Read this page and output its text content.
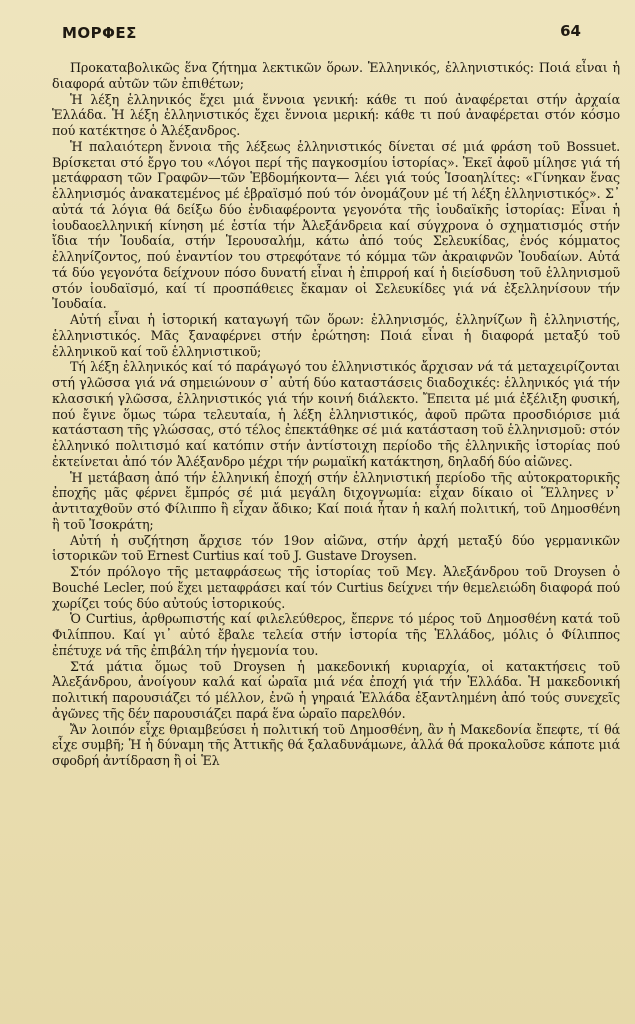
ΜΟΡΦΕΣ	64

Προκαταβολικῶς ἕνα ζήτημα λεκτικῶν ὅρων. Ἑλληνικός, ἑλληνιστικός: Ποιά εἶναι ἡ διαφορά αὐτῶν τῶν ἐπιθέτων;

Ἡ λέξη ἑλληνικός ἔχει μιά ἔννοια γενική: κάθε τι πού ἀναφέρεται στήν ἀρχαία Ἑλλάδα. Ἡ λέξη ἑλληνιστικός ἔχει ἔννοια μερική: κάθε τι πού ἀναφέρεται στόν κόσμο πού κατέκτησε ὁ Ἀλέξανδρος.

Ἡ παλαιότερη ἔννοια τῆς λέξεως ἑλληνιστικός δίνεται σέ μιά φράση τοῦ Bossuet. Βρίσκεται στό ἔργο του «Λόγοι περί τῆς παγκοσμίου ἱστορίας». Ἐκεῖ ἀφοῦ μίλησε γιά τή μετάφραση τῶν Γραφῶν—τῶν Ἑβδομήκοντα— λέει γιά τούς Ἰσοαηλίτες: «Γίνηκαν ἕνας ἑλληνισμός ἀνακατεμένος μέ ἑβραϊσμό πού τόν ὀνομάζουν μέ τή λέξη ἑλληνιστικός». Σ᾽ αὐτά τά λόγια θά δείξω δύο ἐνδιαφέροντα γεγονότα τῆς ἰουδαϊκῆς ἱστορίας: Εἶναι ἡ ἰουδαοελληνική κίνηση μέ ἑστία τήν Ἀλεξάνδρεια καί σύγχρονα ὁ σχηματισμός στήν ἴδια τήν Ἰουδαία, στήν Ἱερουσαλήμ, κάτω ἀπό τούς Σελευκίδας, ἑνός κόμματος ἐλληνίζοντος, πού ἐναντίον του στρεφότανε τό κόμμα τῶν ἀκραιφνῶν Ἰουδαίων. Αὐτά τά δύο γεγονότα δείχνουν πόσο δυνατή εἶναι ἡ ἐπιρροή καί ἡ διείσδυση τοῦ ἑλληνισμοῦ στόν ἰουδαϊσμό, καί τί προσπάθειες ἔκαμαν οἱ Σελευκίδες γιά νά ἐξελληνίσουν τήν Ἰουδαία.

Αὐτή εἶναι ἡ ἱστορική καταγωγή τῶν ὅρων: ἑλληνισμός, ἑλληνίζων ἢ ἑλληνιστής, ἑλληνιστικός. Μᾶς ξαναφέρνει στήν ἐρώτηση: Ποιά εἶναι ἡ διαφορά μεταξύ τοῦ ἑλληνικοῦ καί τοῦ ἑλληνιστικοῦ;

Τή λέξη ἑλληνικός καί τό παράγωγό του ἑλληνιστικός ἄρχισαν νά τά μεταχειρίζονται στή γλῶσσα γιά νά σημειώνουν σ᾽ αὐτή δύο καταστάσεις διαδοχικές: ἑλληνικός γιά τήν κλασσική γλῶσσα, ἑλληνιστικός γιά τήν κοινή διάλεκτο. Ἔπειτα μέ μιά ἐξέλιξη φυσική, πού ἔγινε ὅμως τώρα τελευταία, ἡ λέξη ἑλληνιστικός, ἀφοῦ πρῶτα προσδιόρισε μιά κατάσταση τῆς γλώσσας, στό τέλος ἐπεκτάθηκε σέ μιά κατάσταση τοῦ ἑλληνισμοῦ: στόν ἑλληνικό πολιτισμό καί κατόπιν στήν ἀντίστοιχη περίοδο τῆς ἑλληνικῆς ἱστορίας πού ἐκτείνεται ἀπό τόν Ἀλέξανδρο μέχρι τήν ρωμαϊκή κατάκτηση, δηλαδή δύο αἰῶνες.

Ἡ μετάβαση ἀπό τήν ἑλληνική ἐποχή στήν ἑλληνιστική περίοδο τῆς αὐτοκρατορικῆς ἐποχῆς μᾶς φέρνει ἔμπρός σέ μιά μεγάλη διχογνωμία: εἶχαν δίκαιο οἱ Ἕλληνες ν᾽ ἀντιταχθοῦν στό Φίλιππο ἢ εἶχαν ἄδικο; Καί ποιά ἦταν ἡ καλή πολιτική, τοῦ Δημοσθένη ἢ τοῦ Ἰσοκράτη;

Αὐτή ἡ συζήτηση ἄρχισε τόν 19ον αἰῶνα, στήν ἀρχή μεταξύ δύο γερμανικῶν ἱστορικῶν τοῦ Ernest Curtius καί τοῦ J. Gustave Droysen.

Στόν πρόλογο τῆς μεταφράσεως τῆς ἱστορίας τοῦ Μεγ. Ἀλεξάνδρου τοῦ Droysen ὁ Bouché Lecler, πού ἔχει μεταφράσει καί τόν Curtius δείχνει τήν θεμελειώδη διαφορά πού χωρίζει τούς δύο αὐτούς ἱστορικούς.

Ὁ Curtius, ἀρθρωπιστής καί φιλελεύθερος, ἔπερνε τό μέρος τοῦ Δημοσθένη κατά τοῦ Φιλίππου. Καί γι᾽ αὐτό ἔβαλε τελεία στήν ἱστορία τῆς Ἑλλάδος, μόλις ὁ Φίλιππος ἐπέτυχε νά τῆς ἐπιβάλη τήν ἡγεμονία του.

Στά μάτια ὅμως τοῦ Droysen ἡ μακεδονική κυριαρχία, οἱ κατακτήσεις τοῦ Ἀλεξάνδρου, ἀνοίγουν καλά καί ὡραῖα μιά νέα ἐποχή γιά τήν Ἑλλάδα. Ἡ μακεδονική πολιτική παρουσιάζει τό μέλλον, ἐνῶ ἡ γηραιά Ἑλλάδα ἐξαντλημένη ἀπό τούς συνεχεῖς ἀγῶνες τῆς δέν παρουσιάζει παρά ἕνα ὡραῖο παρελθόν.

Ἄν λοιπόν εἶχε θριαμβεύσει ἡ πολιτική τοῦ Δημοσθένη, ἂν ἡ Μακεδονία ἔπεφτε, τί θά εἶχε συμβῆ; Ἡ ἡ δύναμη τῆς Ἀττικῆς θά ξαλαδυνάμωνε, ἀλλά θά προκαλοῦσε κάποτε μιά σφοδρή ἀντίδραση ἢ οἱ Ἑλ
